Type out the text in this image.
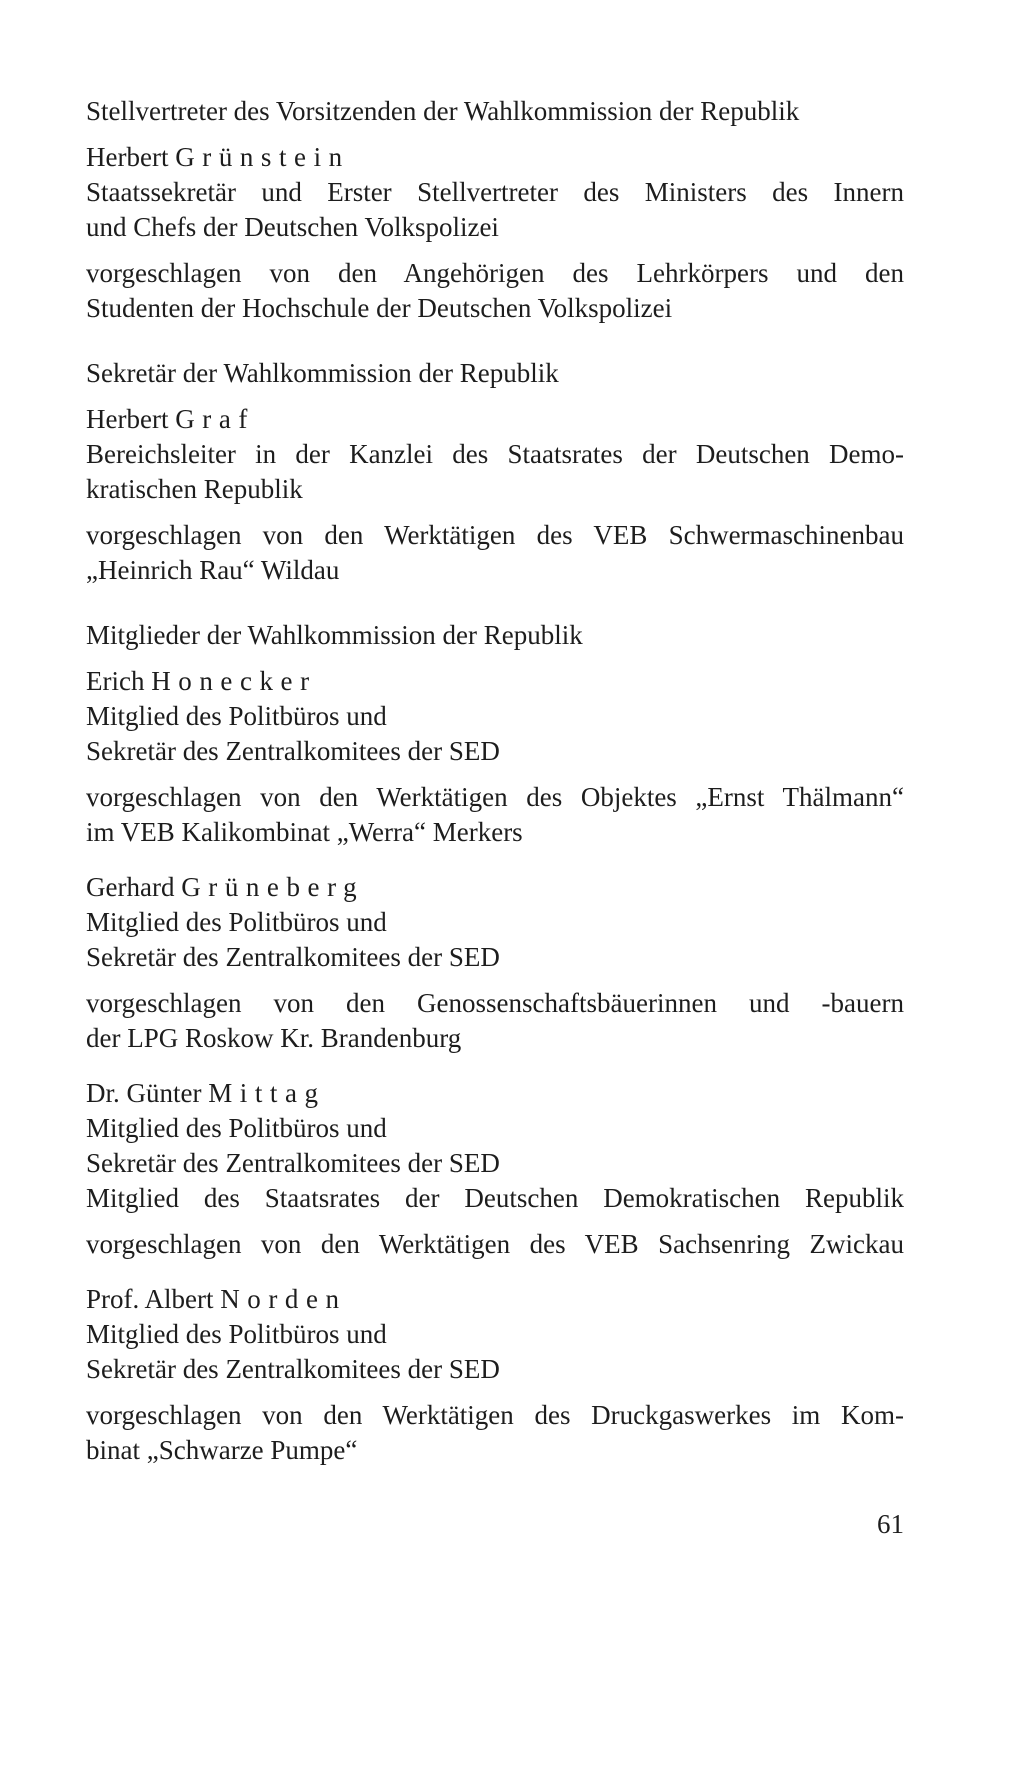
Stellvertreter des Vorsitzenden der Wahlkommission der Republik

Herbert Grünstein

Staatssekretär und Erster Stellvertreter des Ministers des Innern

und Chefs der Deutschen Volkspolizei

vorgeschlagen von den Angehörigen des Lehrkörpers und den

Studenten der Hochschule der Deutschen Volkspolizei

Sekretär der Wahlkommission der Republik

Herbert Graf

Bereichsleiter in der Kanzlei des Staatsrates der Deutschen Demo-

kratischen Republik

vorgeschlagen von den Werktätigen des VEB Schwermaschinenbau

„Heinrich Rau“ Wildau

Mitglieder der Wahlkommission der Republik

Erich Honecker

Mitglied des Politbüros und

Sekretär des Zentralkomitees der SED

vorgeschlagen von den Werktätigen des Objektes „Ernst Thälmann“

im VEB Kalikombinat „Werra“ Merkers

Gerhard Grüneberg

Mitglied des Politbüros und

Sekretär des Zentralkomitees der SED

vorgeschlagen von den Genossenschaftsbäuerinnen und -bauern

der LPG Roskow Kr. Brandenburg

Dr. Günter Mittag

Mitglied des Politbüros und

Sekretär des Zentralkomitees der SED

Mitglied des Staatsrates der Deutschen Demokratischen Republik

vorgeschlagen von den Werktätigen des VEB Sachsenring Zwickau

Prof. Albert Norden

Mitglied des Politbüros und

Sekretär des Zentralkomitees der SED

vorgeschlagen von den Werktätigen des Druckgaswerkes im Kom-

binat „Schwarze Pumpe“

61
